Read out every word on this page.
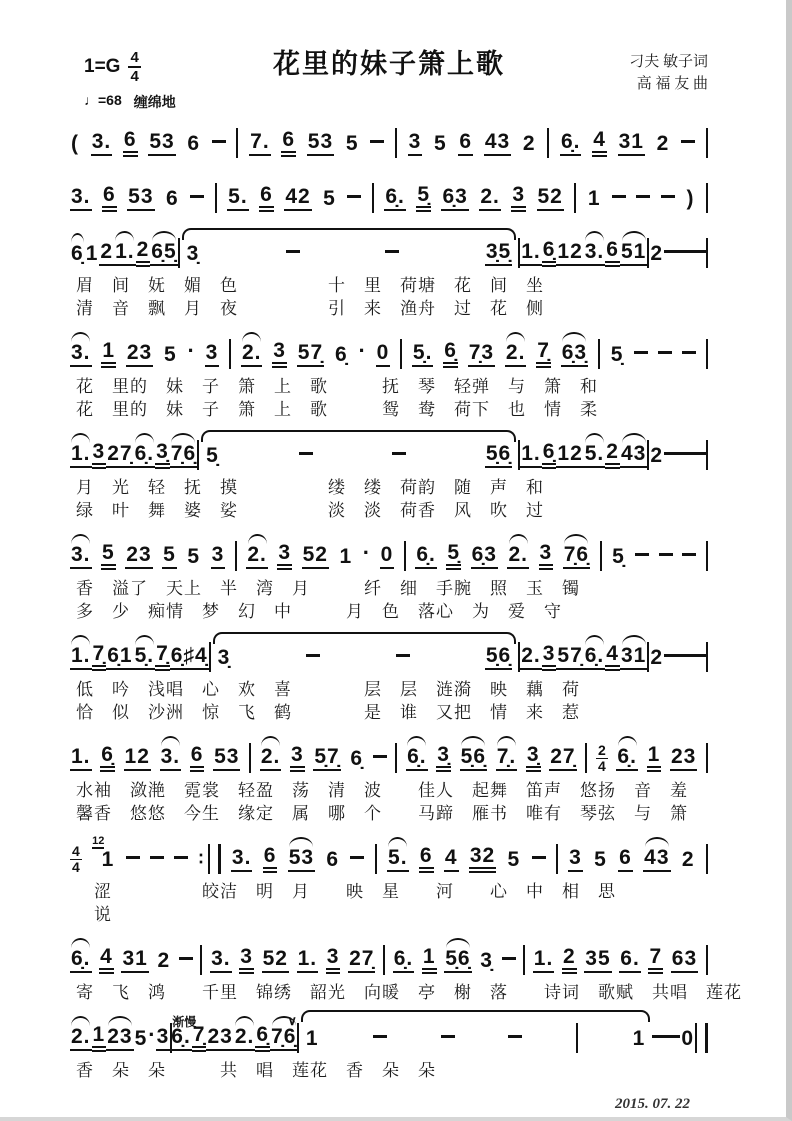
1=G 4
4
♩=68 缠绵地
花里的妹子箫上歌	刁夫 敏子词
高 福 友 曲
( 3. 6 53 6 7. 6 53 5 3 5 6 43 2 6̣. 4 31 2
3. 6 53 6 5. 6 42 5 6̣. 5̣ 6̣3 2. 3 52 1	)
6̣ 1 2 1. 2 6̣5̣ 3̣	3̣5̣ 1. 6̣ 12 3. 6 51 2
眉　间　妩　媚　色　　　　　十　里　荷塘　花　间　坐
清　音　飘　月　夜　　　　　引　来　渔舟　过　花　侧
3. 1 23 5 · 3 2. 3 57̣ 6̣ · 0 5̣. 6̣ 7̣3 2. 7̣ 6̣3̣ 5̣
花　里的　妹　子　箫　上　歌　　　抚　琴　轻弹　与　箫　和
花　里的　妹　子　箫　上　歌　　　鸳　鸯　荷下　也　情　柔
1. 3 27̣ 6̣. 3̣ 7̣6̣ 5̣	5̣6̣ 1. 6̣ 12 5. 2 43 2
月　光　轻　抚　摸　　　　　缕　缕　荷韵　随　声　和
绿　叶　舞　婆　娑　　　　　淡　淡　荷香　风　吹　过
3. 5 23 5 5 3 2. 3 52 1 · 0 6̣. 5̣ 6̣3 2. 3 7̣6̣ 5̣
香　溢了　天上　半　湾　月　　　纤　细　手腕　照　玉　镯
多　少　痴情　梦　幻　中　　　月　色　落心　为　爱　守
1. 7̣ 6̣1 5̣. 7̣ 6̣♯4̣ 3̣	5̣6̣ 2. 3 57̣ 6̣. 4 31 2
低　吟　浅唱　心　欢　喜　　　　层　层　涟漪　映　藕　荷
恰　似　沙洲　惊　飞　鹤　　　　是　谁　又把　情　来　惹
1. 6̣ 12 3. 6 53 2. 3 5̣7̣ 6̣ 6̣. 3̣ 5̣6̣ 7̣. 3̣ 27̣ 2
4 6̣. 1 23
水袖　潋滟　霓裳　轻盈　荡　清　波　　佳人　起舞　笛声　悠扬　音　羞
馨香　悠悠　今生　缘定　属　哪　个　　马蹄　雁书　唯有　琴弦　与　箫
4
4
12
1	∶ 3. 6 53 6 5. 6 4 32 5 3 5 6 43 2
　涩　　　　　皎洁　明　月　　映　星　　河　　心　中　相　思
　说
6̣. 4 31 2 3. 3 52 1. 3 27̣ 6̣. 1 5̣6̣ 3̣ 1. 2 35 6. 7 63
寄　飞　鸿　　千里　锦绣　韶光　向暖　亭　榭　落　　诗词　歌赋　共唱　莲花
2. 1 23 5 · 3
渐慢
6̣. 7̣ 23 2. 6̣ 7̣6̣
∨
1	1 0
香　朵　朵　　　共　唱　莲花　香　朵　朵
2015. 07. 22
